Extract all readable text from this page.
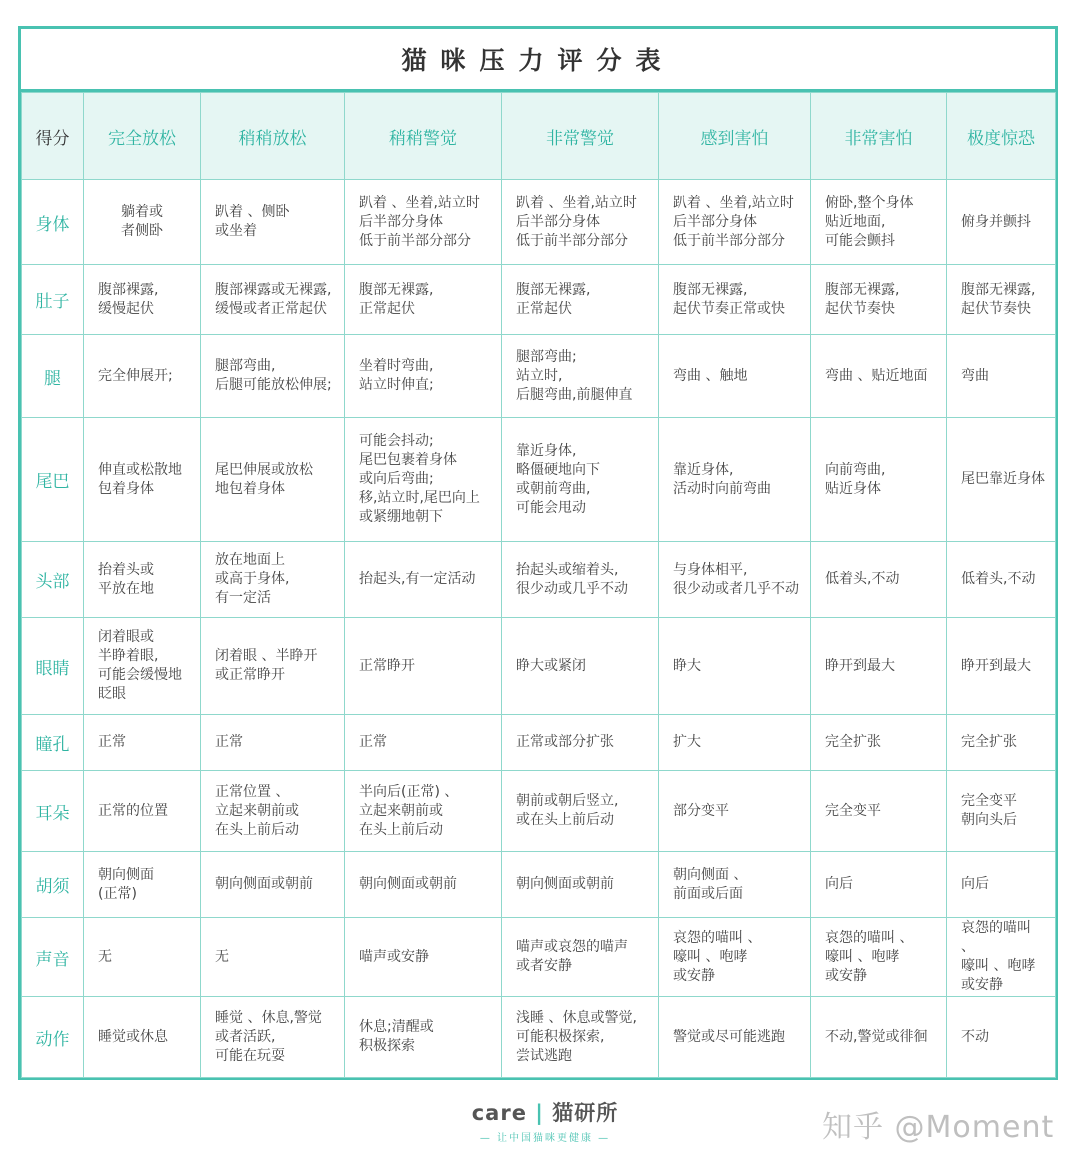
猫咪压力评分表
得分	完全放松	稍稍放松	稍稍警觉	非常警觉	感到害怕	非常害怕	极度惊恐
身体	躺着或
者侧卧	趴着 、侧卧
或坐着	趴着 、坐着,站立时
后半部分身体
低于前半部分部分	趴着 、坐着,站立时
后半部分身体
低于前半部分部分	趴着 、坐着,站立时
后半部分身体
低于前半部分部分	俯卧,整个身体
贴近地面,
可能会颤抖	俯身并颤抖
肚子	腹部裸露,
缓慢起伏	腹部裸露或无裸露,
缓慢或者正常起伏	腹部无裸露,
正常起伏	腹部无裸露,
正常起伏	腹部无裸露,
起伏节奏正常或快	腹部无裸露,
起伏节奏快	腹部无裸露,
起伏节奏快
腿	完全伸展开;	腿部弯曲,
后腿可能放松伸展;	坐着时弯曲,
站立时伸直;	腿部弯曲;
站立时,
后腿弯曲,前腿伸直	弯曲 、触地	弯曲 、贴近地面	弯曲
尾巴	伸直或松散地
包着身体	尾巴伸展或放松
地包着身体	可能会抖动;
尾巴包裹着身体
或向后弯曲;
移,站立时,尾巴向上
或紧绷地朝下	靠近身体,
略僵硬地向下
或朝前弯曲,
可能会甩动	靠近身体,
活动时向前弯曲	向前弯曲,
贴近身体	尾巴靠近身体
头部	抬着头或
平放在地	放在地面上
或高于身体,
有一定活	抬起头,有一定活动	抬起头或缩着头,
很少动或几乎不动	与身体相平,
很少动或者几乎不动	低着头,不动	低着头,不动
眼睛	闭着眼或
半睁着眼,
可能会缓慢地
眨眼	闭着眼 、半睁开
或正常睁开	正常睁开	睁大或紧闭	睁大	睁开到最大	睁开到最大
瞳孔	正常	正常	正常	正常或部分扩张	扩大	完全扩张	完全扩张
耳朵	正常的位置	正常位置 、
立起来朝前或
在头上前后动	半向后(正常) 、
立起来朝前或
在头上前后动	朝前或朝后竖立,
或在头上前后动	部分变平	完全变平	完全变平
朝向头后
胡须	朝向侧面
(正常)	朝向侧面或朝前	朝向侧面或朝前	朝向侧面或朝前	朝向侧面 、
前面或后面	向后	向后
声音	无	无	喵声或安静	喵声或哀怨的喵声
或者安静	哀怨的喵叫 、
嚎叫 、咆哮
或安静	哀怨的喵叫 、
嚎叫 、咆哮
或安静	哀怨的喵叫 、
嚎叫 、咆哮
或安静
动作	睡觉或休息	睡觉 、休息,警觉
或者活跃,
可能在玩耍	休息;清醒或
积极探索	浅睡 、休息或警觉,
可能积极探索,
尝试逃跑	警觉或尽可能逃跑	不动,警觉或徘徊	不动
care | 猫研所
— 让中国猫咪更健康 —	知乎 @Moment
